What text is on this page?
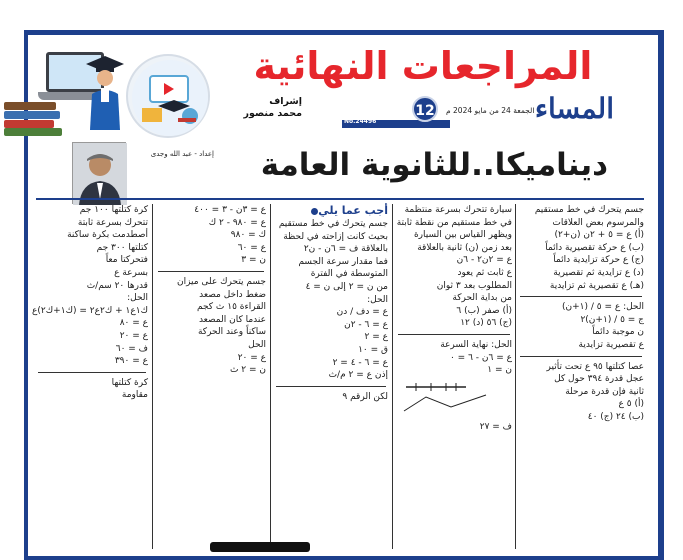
المراجعات النهائية
إشراف
محمد منصور
No.24496
12	الجمعة 24 من مايو 2024 م المساء
إعداد - عبد الله وجدى	ديناميكا..للثانوية العامة
جسم يتحرك في خط مستقيم
والمرسوم بعض العلاقات
(أ) ع = ٥ + ٢ن (ن+٢)
(ب) ع حركة تقصيرية دائماً
(ج) ع حركة تزايدية دائماً
(د) ع تزايدية ثم تقصيرية
(هـ) ع تقصيرية ثم تزايدية
الحل: ع = ٥ / (١+ن)
ج = ٥ / (١+ن)٢
ن موجبة دائماً
ع تقصيرية تزايدية
عصا كتلتها ٩٥ ع تحت تأثير
عجل قدرة ٣٩٤ حول كل
ثانية فإن قدرة مرحلة
(أ) ٥ ع
(ب) ٢٤ (ج) ٤٠
سيارة تتحرك بسرعة منتظمة
في خط مستقيم من نقطة ثابتة
ويظهر القياس بين السيارة
بعد زمن (ن) ثانية بالعلاقة
ع = ٢ن٢ - ٦ن
ع ثابت ثم يعود
المطلوب بعد ٣ ثوان
من بداية الحركة
(أ) صفر (ب) ٦
(ج) ٥٦ (د) ١٢
الحل: نهاية السرعة
ع = ٦ن - ٦ = ٠
ن = ١
ف = ٢٧
أجب عما يلي
جسم يتحرك في خط مستقيم
بحيث كانت إزاحته في لحظة
بالعلاقة ف = ٦ن - ن٢
فما مقدار سرعة الجسم
المتوسطة في الفترة
من ن = ٢ إلى ن = ٤
الحل:
ع = دف / دن
ع = ٦ - ٢ن
ع = ٢
ق = ١٠
ع = ٦ - ٤ = ٢
إذن ع = ٢ م/ث
لكن الرقم ٩
ع = ٣ن - ٣ = ٤٠٠
ع = ٩٨٠ - ٢ ك
ك = ٩٨٠
ع = ٦٠
ن = ٣
جسم يتحرك على ميزان
ضغط داخل مصعد
القراءة ١٥ ث كجم
عندما كان المصعد
ساكناً وعند الحركة
الحل
ع = ٢٠
ن = ٢ ث
كرة كتلتها ١٠٠ جم
تتحرك بسرعة ثابتة
أصطدمت بكرة ساكنة
كتلتها ٣٠٠ جم
فتحركتا معاً
بسرعة ع
قدرها ٢٠ سم/ث
الحل:
ك١ع١ + ك٢ع٢ = (ك١+ك٢)ع
ع = ٨٠
ع = ٢٠
ف = ٦٠
ع = ٣٩٠
كرة كتلتها
مقاومة
